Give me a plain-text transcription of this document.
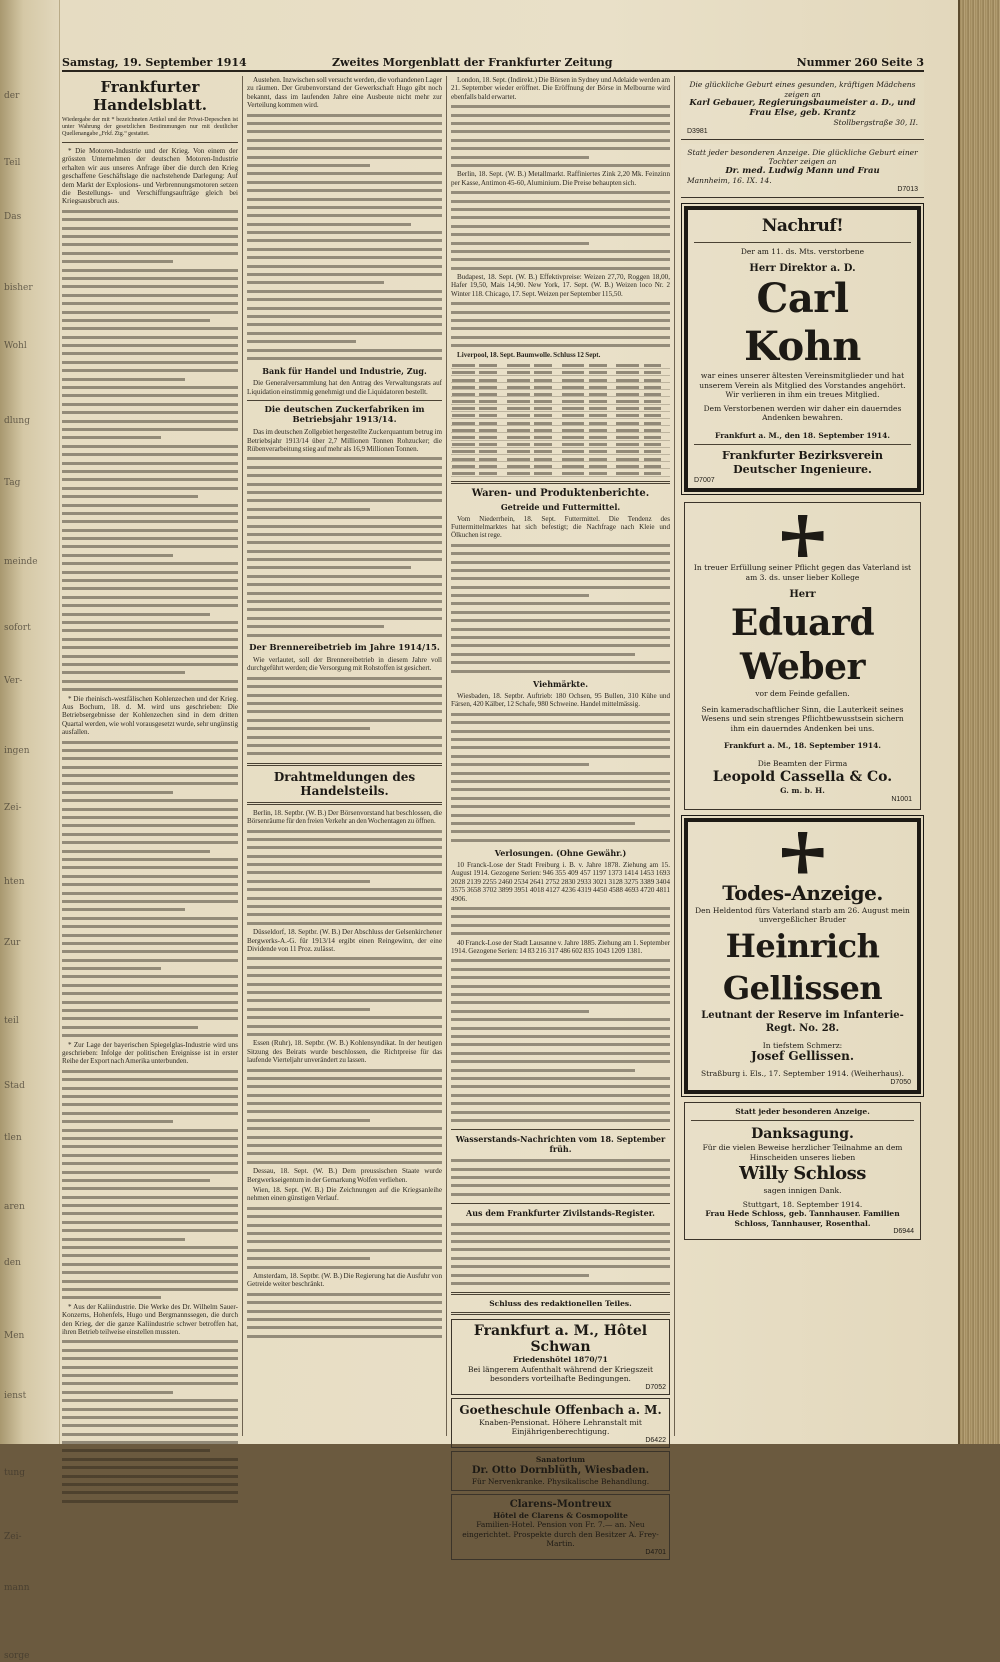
der
Teil
Das
bisher
Wohl
dlung
Tag
meinde
sofort
Ver-
ingen
Zei-
hten
Zur
teil
Stad
tlen
aren
den
Men
ienst
tung
Zei-
mann
sorge
Samstag, 19. September 1914	Zweites Morgenblatt der Frankfurter Zeitung	Nummer 260 Seite 3
Frankfurter Handelsblatt.

Wiedergabe der mit * bezeichneten Artikel und der Privat-Depeschen ist unter Wahrung der gesetzlichen Bestimmungen nur mit deutlicher Quellenangabe „Frkf. Ztg.“ gestattet.

* Die Motoren-Industrie und der Krieg. Von einem der grössten Unternehmen der deutschen Motoren-Industrie erhalten wir aus unseres Anfrage über die durch den Krieg geschaffene Geschäftslage die nachstehende Darlegung: Auf dem Markt der Explosions- und Verbrennungsmotoren setzen die Bestellungs- und Verschiffungsaufträge gleich bei Kriegsausbruch aus.

* Die rheinisch-westfälischen Kohlenzechen und der Krieg. Aus Bochum, 18. d. M. wird uns geschrieben: Die Betriebsergebnisse der Kohlenzechen sind in dem dritten Quartal werden, wie wohl vorausgesetzt wurde, sehr ungünstig ausfallen.

* Zur Lage der bayerischen Spiegelglas-Industrie wird uns geschrieben: Infolge der politischen Ereignisse ist in erster Reihe der Export nach Amerika unterbunden.

* Aus der Kaliindustrie. Die Werke des Dr. Wilhelm Sauer-Konzerns, Hohenfels, Hugo und Bergmannssegen, die durch den Krieg, der die ganze Kaliindustrie schwer betroffen hat, ihren Betrieb teilweise einstellen mussten.

Austehen. Inzwischen soll versucht werden, die vorhandenen Lager zu räumen. Der Grubenvorstand der Gewerkschaft Hugo gibt noch bekannt, dass im laufenden Jahre eine Ausbeute nicht mehr zur Verteilung kommen wird.

Bank für Handel und Industrie, Zug.

Die Generalversammlung hat den Antrag des Verwaltungsrats auf Liquidation einstimmig genehmigt und die Liquidatoren bestellt.

Die deutschen Zuckerfabriken im Betriebsjahr 1913/14.

Das im deutschen Zollgebiet hergestellte Zuckerquantum betrug im Betriebsjahr 1913/14 über 2,7 Millionen Tonnen Rohzucker; die Rübenverarbeitung stieg auf mehr als 16,9 Millionen Tonnen.

Der Brennereibetrieb im Jahre 1914/15.

Wie verlautet, soll der Brennereibetrieb in diesem Jahre voll durchgeführt werden; die Versorgung mit Rohstoffen ist gesichert.

Drahtmeldungen des Handelsteils.

Berlin, 18. Septbr. (W. B.) Der Börsenvorstand hat beschlossen, die Börsenräume für den freien Verkehr an den Wochentagen zu öffnen.

Düsseldorf, 18. Septbr. (W. B.) Der Abschluss der Gelsenkirchener Bergwerks-A.-G. für 1913/14 ergibt einen Reingewinn, der eine Dividende von 11 Proz. zulässt.

Essen (Ruhr), 18. Septbr. (W. B.) Kohlensyndikat. In der heutigen Sitzung des Beirats wurde beschlossen, die Richtpreise für das laufende Vierteljahr unverändert zu lassen.

Dessau, 18. Sept. (W. B.) Dem preussischen Staate wurde Bergwerkseigentum in der Gemarkung Wolfen verliehen.

Wien, 18. Sept. (W. B.) Die Zeichnungen auf die Kriegsanleihe nehmen einen günstigen Verlauf.

Amsterdam, 18. Septbr. (W. B.) Die Regierung hat die Ausfuhr von Getreide weiter beschränkt.

London, 18. Sept. (Indirekt.) Die Börsen in Sydney und Adelaide werden am 21. September wieder eröffnet. Die Eröffnung der Börse in Melbourne wird ebenfalls bald erwartet.

Berlin, 18. Sept. (W. B.) Metallmarkt. Raffiniertes Zink 2,20 Mk. Feinzinn per Kasse, Antimon 45-60, Aluminium. Die Preise behaupten sich.

Budapest, 18. Sept. (W. B.) Effektivpreise: Weizen 27,70, Roggen 18,00, Hafer 19,50, Mais 14,90. New York, 17. Sept. (W. B.) Weizen loco Nr. 2 Winter 118. Chicago, 17. Sept. Weizen per September 115,50.

Liverpool, 18. Sept. Baumwolle. Schluss 12 Sept.

Waren- und Produktenberichte.
Getreide und Futtermittel.

Vom Niederrhein, 18. Sept. Futtermittel. Die Tendenz des Futtermittelmarktes hat sich befestigt; die Nachfrage nach Kleie und Ölkuchen ist rege.

Viehmärkte.

Wiesbaden, 18. Septbr. Auftrieb: 180 Ochsen, 95 Bullen, 310 Kühe und Färsen, 420 Kälber, 12 Schafe, 980 Schweine. Handel mittelmässig.

Verlosungen. (Ohne Gewähr.)

10 Franck-Lose der Stadt Freiburg i. B. v. Jahre 1878. Ziehung am 15. August 1914. Gezogene Serien: 946 355 409 457 1197 1373 1414 1453 1693 2028 2139 2255 2460 2534 2641 2752 2830 2933 3021 3128 3275 3389 3404 3575 3658 3702 3899 3951 4018 4127 4236 4319 4450 4588 4693 4720 4811 4906.

40 Franck-Lose der Stadt Lausanne v. Jahre 1885. Ziehung am 1. September 1914. Gezogene Serien: 14 83 216 317 486 602 835 1043 1209 1381.

Wasserstands-Nachrichten vom 18. September früh.
Aus dem Frankfurter Zivilstands-Register.
Schluss des redaktionellen Teiles.
Frankfurt a. M., Hôtel Schwan
Friedenshôtel 1870/71
Bei längerem Aufenthalt während der Kriegszeit besonders vorteilhafte Bedingungen.
D7052
Goetheschule Offenbach a. M.
Knaben-Pensionat. Höhere Lehranstalt mit Einjährigenberechtigung.
D6422
Sanatorium
Dr. Otto Dornblüth, Wiesbaden.
Für Nervenkranke. Physikalische Behandlung.
Clarens-Montreux
Hôtel de Clarens & Cosmopolite
Familien-Hotel. Pension von Fr. 7.— an. Neu eingerichtet. Prospekte durch den Besitzer A. Frey-Martin.
D4701
Die glückliche Geburt eines gesunden, kräftigen Mädchens zeigen an
Karl Gebauer, Regierungsbaumeister a. D., und Frau Else, geb. Krantz
Stollbergstraße 30, II.
D3981
Statt jeder besonderen Anzeige. Die glückliche Geburt einer Tochter zeigen an
Dr. med. Ludwig Mann und Frau
Mannheim, 16. IX. 14.
D7013
Nachruf!
Der am 11. ds. Mts. verstorbene
Herr Direktor a. D.
Carl Kohn
war eines unserer ältesten Vereinsmitglieder und hat unserem Verein als Mitglied des Vorstandes angehört. Wir verlieren in ihm ein treues Mitglied.
Dem Verstorbenen werden wir daher ein dauerndes Andenken bewahren.
Frankfurt a. M., den 18. September 1914.
Frankfurter Bezirksverein Deutscher Ingenieure.
D7007
In treuer Erfüllung seiner Pflicht gegen das Vaterland ist am 3. ds. unser lieber Kollege
Herr
Eduard Weber
vor dem Feinde gefallen.
Sein kameradschaftlicher Sinn, die Lauterkeit seines Wesens und sein strenges Pflichtbewusstsein sichern ihm ein dauerndes Andenken bei uns.
Frankfurt a. M., 18. September 1914.
Die Beamten der Firma
Leopold Cassella & Co.
G. m. b. H.
N1001
Todes-Anzeige.
Den Heldentod fürs Vaterland starb am 26. August mein unvergeßlicher Bruder
Heinrich Gellissen
Leutnant der Reserve im Infanterie-Regt. No. 28.
In tiefstem Schmerz:
Josef Gellissen.
Straßburg i. Els., 17. September 1914. (Weiherhaus).
D7050
Statt jeder besonderen Anzeige.
Danksagung.
Für die vielen Beweise herzlicher Teilnahme an dem Hinscheiden unseres lieben
Willy Schloss
sagen innigen Dank.
Stuttgart, 18. September 1914.
Frau Hede Schloss, geb. Tannhauser. Familien Schloss, Tannhauser, Rosenthal.
D6944
